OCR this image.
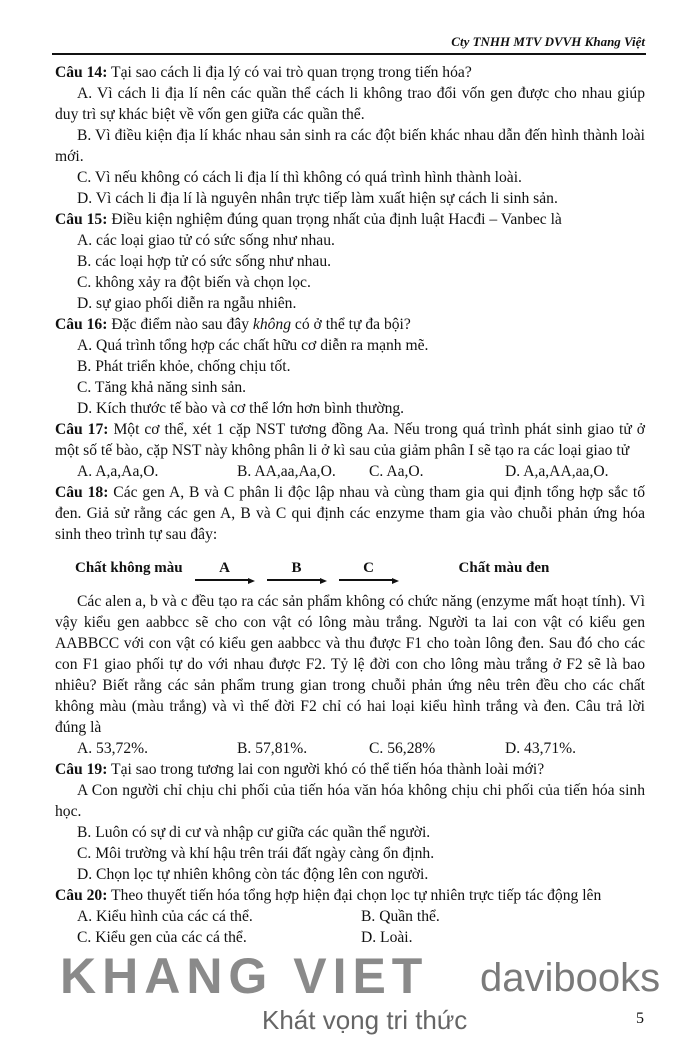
Cty TNHH MTV DVVH Khang Việt

Câu 14: Tại sao cách li địa lý có vai trò quan trọng trong tiến hóa?

A. Vì cách li địa lí nên các quần thể cách li không trao đổi vốn gen được cho nhau giúp duy trì sự khác biệt về vốn gen giữa các quần thể.

B. Vì điều kiện địa lí khác nhau sản sinh ra các đột biến khác nhau dẫn đến hình thành loài mới.

C. Vì nếu không có cách li địa lí thì không có quá trình hình thành loài.

D. Vì cách li địa lí là nguyên nhân trực tiếp làm xuất hiện sự cách li sinh sản.

Câu 15: Điều kiện nghiệm đúng quan trọng nhất của định luật Hacđi – Vanbec là

A. các loại giao tử có sức sống như nhau.

B. các loại hợp tử có sức sống như nhau.

C. không xảy ra đột biến và chọn lọc.

D. sự giao phối diễn ra ngẫu nhiên.

Câu 16: Đặc điểm nào sau đây không có ở thể tự đa bội?

A. Quá trình tổng hợp các chất hữu cơ diễn ra mạnh mẽ.

B. Phát triển khỏe, chống chịu tốt.

C. Tăng khả năng sinh sản.

D. Kích thước tế bào và cơ thể lớn hơn bình thường.

Câu 17: Một cơ thể, xét 1 cặp NST tương đồng Aa. Nếu trong quá trình phát sinh giao tử ở một số tế bào, cặp NST này không phân li ở kì sau của giảm phân I sẽ tạo ra các loại giao tử

A. A,a,Aa,O.	B. AA,aa,Aa,O.	C. Aa,O.	D. A,a,AA,aa,O.

Câu 18: Các gen A, B và C phân li độc lập nhau và cùng tham gia qui định tổng hợp sắc tố đen. Giả sử rằng các gen A, B và C qui định các enzyme tham gia vào chuỗi phản ứng hóa sinh theo trình tự sau đây:

Chất không màu	A	B	C	Chất màu đen

Các alen a, b và c đều tạo ra các sản phẩm không có chức năng (enzyme mất hoạt tính). Vì vậy kiểu gen aabbcc sẽ cho con vật có lông màu trắng. Người ta lai con vật có kiểu gen AABBCC với con vật có kiểu gen aabbcc và thu được F1 cho toàn lông đen. Sau đó cho các con F1 giao phối tự do với nhau được F2. Tỷ lệ đời con cho lông màu trắng ở F2 sẽ là bao nhiêu? Biết rằng các sản phẩm trung gian trong chuỗi phản ứng nêu trên đều cho các chất không màu (màu trắng) và vì thế đời F2 chỉ có hai loại kiểu hình trắng và đen. Câu trả lời đúng là

A. 53,72%.	B. 57,81%.	C. 56,28%	D. 43,71%.

Câu 19: Tại sao trong tương lai con người khó có thể tiến hóa thành loài mới?

A Con người chỉ chịu chi phối của tiến hóa văn hóa không chịu chi phối của tiến hóa sinh học.

B. Luôn có sự di cư và nhập cư giữa các quần thể người.

C. Môi trường và khí hậu trên trái đất ngày càng ổn định.

D. Chọn lọc tự nhiên không còn tác động lên con người.

Câu 20: Theo thuyết tiến hóa tổng hợp hiện đại chọn lọc tự nhiên trực tiếp tác động lên

A. Kiểu hình của các cá thể.	B. Quần thể.
C. Kiểu gen của các cá thể.	D. Loài.
KHANG VIET davibooks
Khát vọng tri thức	5
